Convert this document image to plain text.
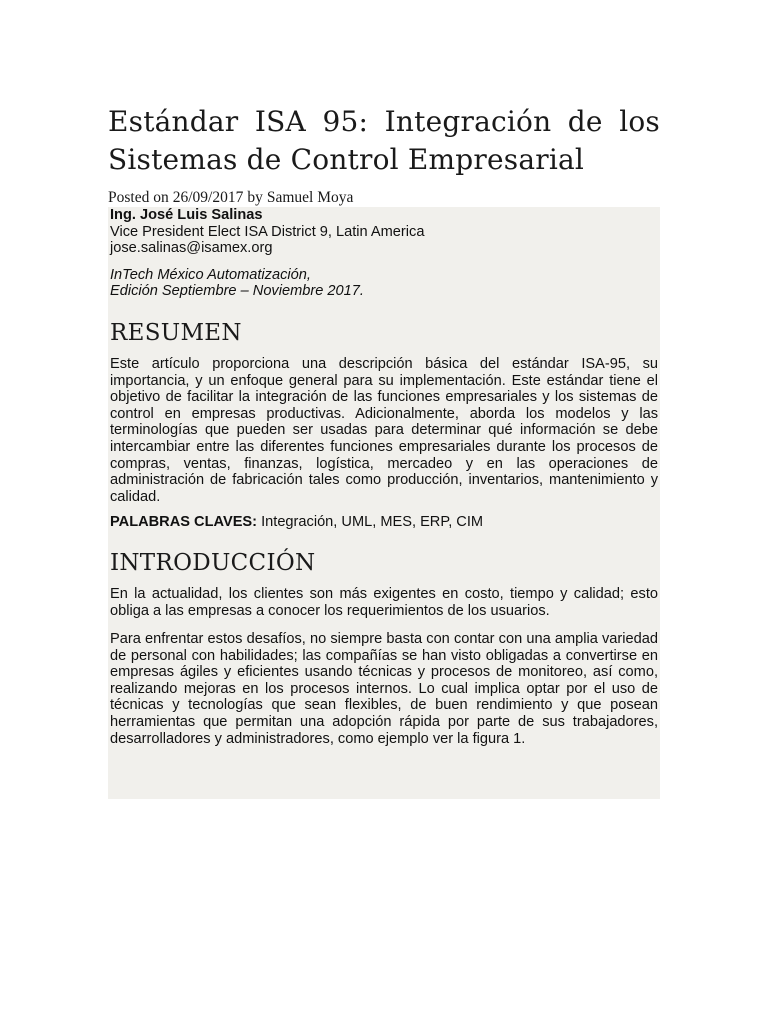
Estándar ISA 95: Integración de los Sistemas de Control Empresarial
Posted on 26/09/2017 by Samuel Moya
Ing. José Luis Salinas
Vice President Elect ISA District 9, Latin America
jose.salinas@isamex.org
InTech México Automatización,
Edición Septiembre – Noviembre 2017.
RESUMEN

Este artículo proporciona una descripción básica del estándar ISA-95, su importancia, y un enfoque general para su implementación. Este estándar tiene el objetivo de facilitar la integración de las funciones empresariales y los sistemas de control en empresas productivas. Adicionalmente, aborda los modelos y las terminologías que pueden ser usadas para determinar qué información se debe intercambiar entre las diferentes funciones empresariales durante los procesos de compras, ventas, finanzas, logística, mercadeo y en las operaciones de administración de fabricación tales como producción, inventarios, mantenimiento y calidad.

PALABRAS CLAVES: Integración, UML, MES, ERP, CIM

INTRODUCCIÓN

En la actualidad, los clientes son más exigentes en costo, tiempo y calidad; esto obliga a las empresas a conocer los requerimientos de los usuarios.

Para enfrentar estos desafíos, no siempre basta con contar con una amplia variedad de personal con habilidades; las compañías se han visto obligadas a convertirse en empresas ágiles y eficientes usando técnicas y procesos de monitoreo, así como, realizando mejoras en los procesos internos. Lo cual implica optar por el uso de técnicas y tecnologías que sean flexibles, de buen rendimiento y que posean herramientas que permitan una adopción rápida por parte de sus trabajadores, desarrolladores y administradores, como ejemplo ver la figura 1.
